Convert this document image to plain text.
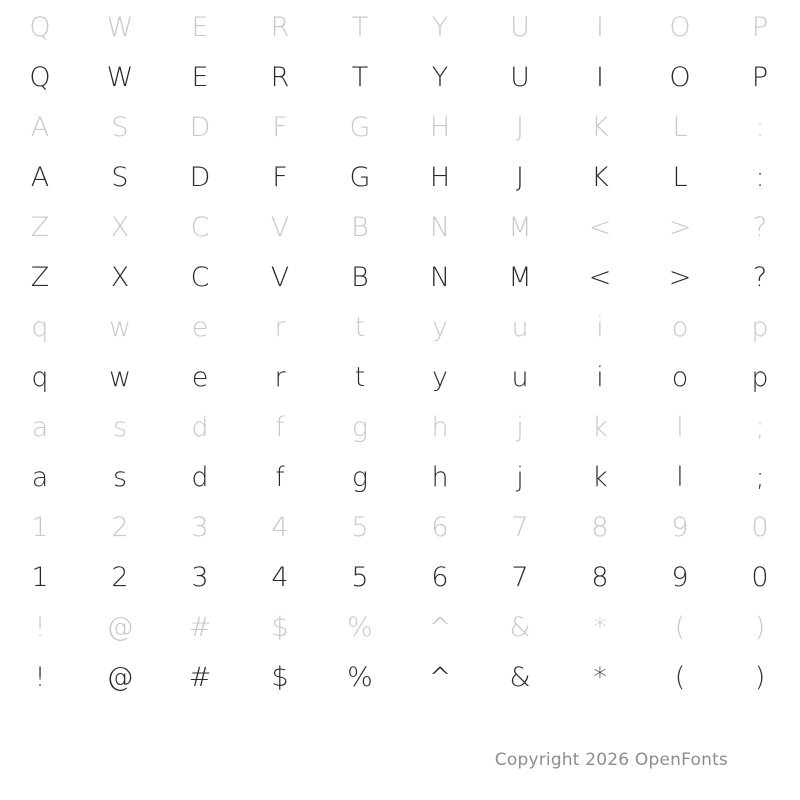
Q W E R T Y U I O P
Q W E R T Y U I O P
A S D F G H J K L	:
A S D F G H J K L	:
Z X C V B N M < > ?
Z X C V B N M < > ?
q w e r	t y u	i	o p
q w e r	t y u	i	o p
a s d f g h	j	k	l	;
a s d f g h	j	k	l	;
1 2 3 4 5 6 7 8 9 0
1 2 3 4 5 6 7 8 9 0
! @ # $ % ^ & *	(	)
! @ # $ % ^ & *	(	)
Copyright 2026 OpenFonts
